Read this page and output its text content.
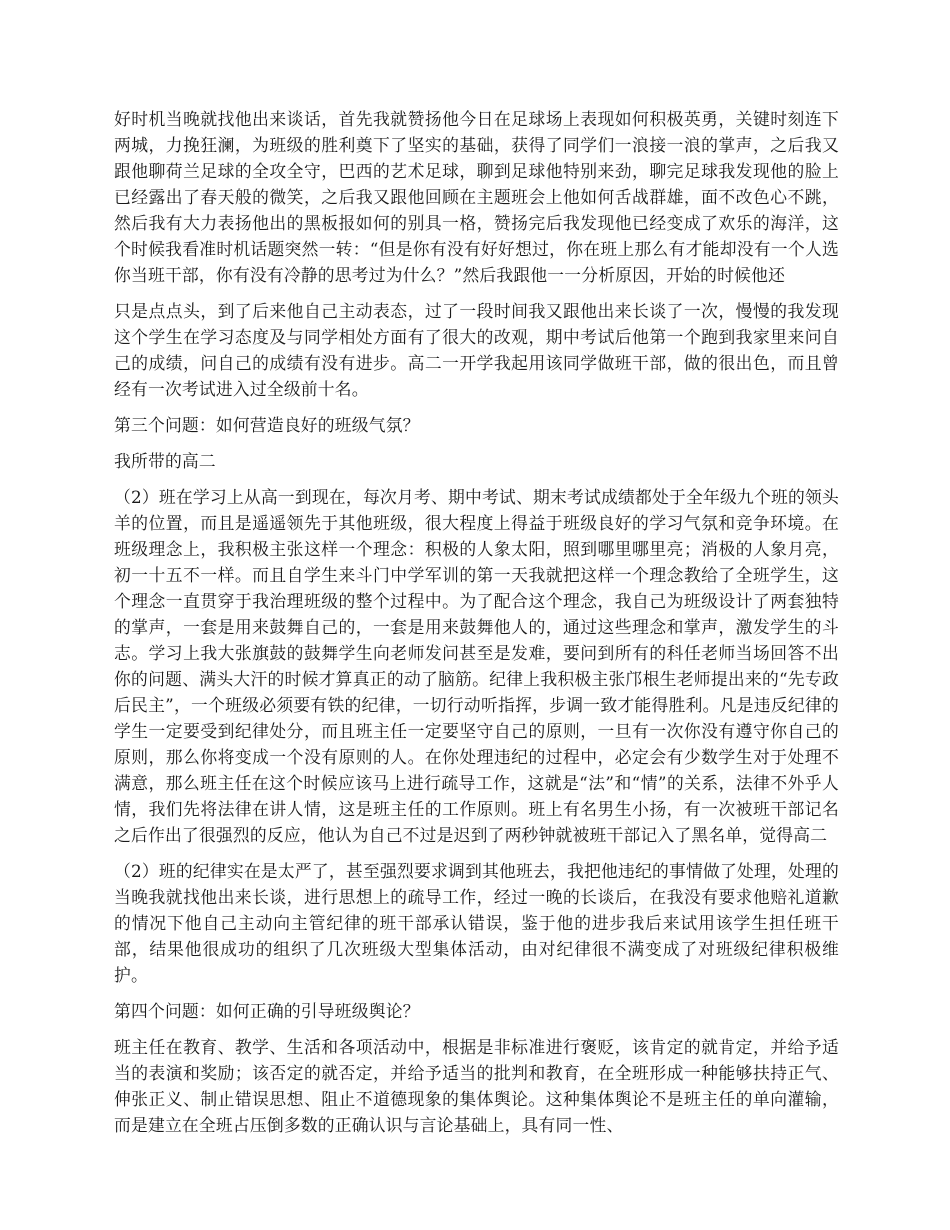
好时机当晚就找他出来谈话，首先我就赞扬他今日在足球场上表现如何积极英勇，关键时刻连下两城，力挽狂澜，为班级的胜利奠下了坚实的基础，获得了同学们一浪接一浪的掌声，之后我又跟他聊荷兰足球的全攻全守，巴西的艺术足球，聊到足球他特别来劲，聊完足球我发现他的脸上已经露出了春天般的微笑，之后我又跟他回顾在主题班会上他如何舌战群雄，面不改色心不跳，然后我有大力表扬他出的黑板报如何的别具一格，赞扬完后我发现他已经变成了欢乐的海洋，这个时候我看准时机话题突然一转：“但是你有没有好好想过，你在班上那么有才能却没有一个人选你当班干部，你有没有冷静的思考过为什么？”然后我跟他一一分析原因，开始的时候他还

只是点点头，到了后来他自己主动表态，过了一段时间我又跟他出来长谈了一次，慢慢的我发现这个学生在学习态度及与同学相处方面有了很大的改观，期中考试后他第一个跑到我家里来问自己的成绩，问自己的成绩有没有进步。高二一开学我起用该同学做班干部，做的很出色，而且曾经有一次考试进入过全级前十名。

第三个问题：如何营造良好的班级气氛？

我所带的高二

（2）班在学习上从高一到现在，每次月考、期中考试、期末考试成绩都处于全年级九个班的领头羊的位置，而且是遥遥领先于其他班级，很大程度上得益于班级良好的学习气氛和竞争环境。在班级理念上，我积极主张这样一个理念：积极的人象太阳，照到哪里哪里亮；消极的人象月亮，初一十五不一样。而且自学生来斗门中学军训的第一天我就把这样一个理念教给了全班学生，这个理念一直贯穿于我治理班级的整个过程中。为了配合这个理念，我自己为班级设计了两套独特的掌声，一套是用来鼓舞自己的，一套是用来鼓舞他人的，通过这些理念和掌声，激发学生的斗志。学习上我大张旗鼓的鼓舞学生向老师发问甚至是发难，要问到所有的科任老师当场回答不出你的问题、满头大汗的时候才算真正的动了脑筋。纪律上我积极主张邝根生老师提出来的“先专政后民主”，一个班级必须要有铁的纪律，一切行动听指挥，步调一致才能得胜利。凡是违反纪律的学生一定要受到纪律处分，而且班主任一定要坚守自己的原则，一旦有一次你没有遵守你自己的原则，那么你将变成一个没有原则的人。在你处理违纪的过程中，必定会有少数学生对于处理不满意，那么班主任在这个时候应该马上进行疏导工作，这就是“法”和“情”的关系，法律不外乎人情，我们先将法律在讲人情，这是班主任的工作原则。班上有名男生小扬，有一次被班干部记名之后作出了很强烈的反应，他认为自己不过是迟到了两秒钟就被班干部记入了黑名单，觉得高二

（2）班的纪律实在是太严了，甚至强烈要求调到其他班去，我把他违纪的事情做了处理，处理的当晚我就找他出来长谈，进行思想上的疏导工作，经过一晚的长谈后，在我没有要求他赔礼道歉的情况下他自己主动向主管纪律的班干部承认错误，鉴于他的进步我后来试用该学生担任班干部，结果他很成功的组织了几次班级大型集体活动，由对纪律很不满变成了对班级纪律积极维护。

第四个问题：如何正确的引导班级舆论？

班主任在教育、教学、生活和各项活动中，根据是非标准进行褒贬，该肯定的就肯定，并给予适当的表演和奖励；该否定的就否定，并给予适当的批判和教育，在全班形成一种能够扶持正气、伸张正义、制止错误思想、阻止不道德现象的集体舆论。这种集体舆论不是班主任的单向灌输，而是建立在全班占压倒多数的正确认识与言论基础上，具有同一性、
